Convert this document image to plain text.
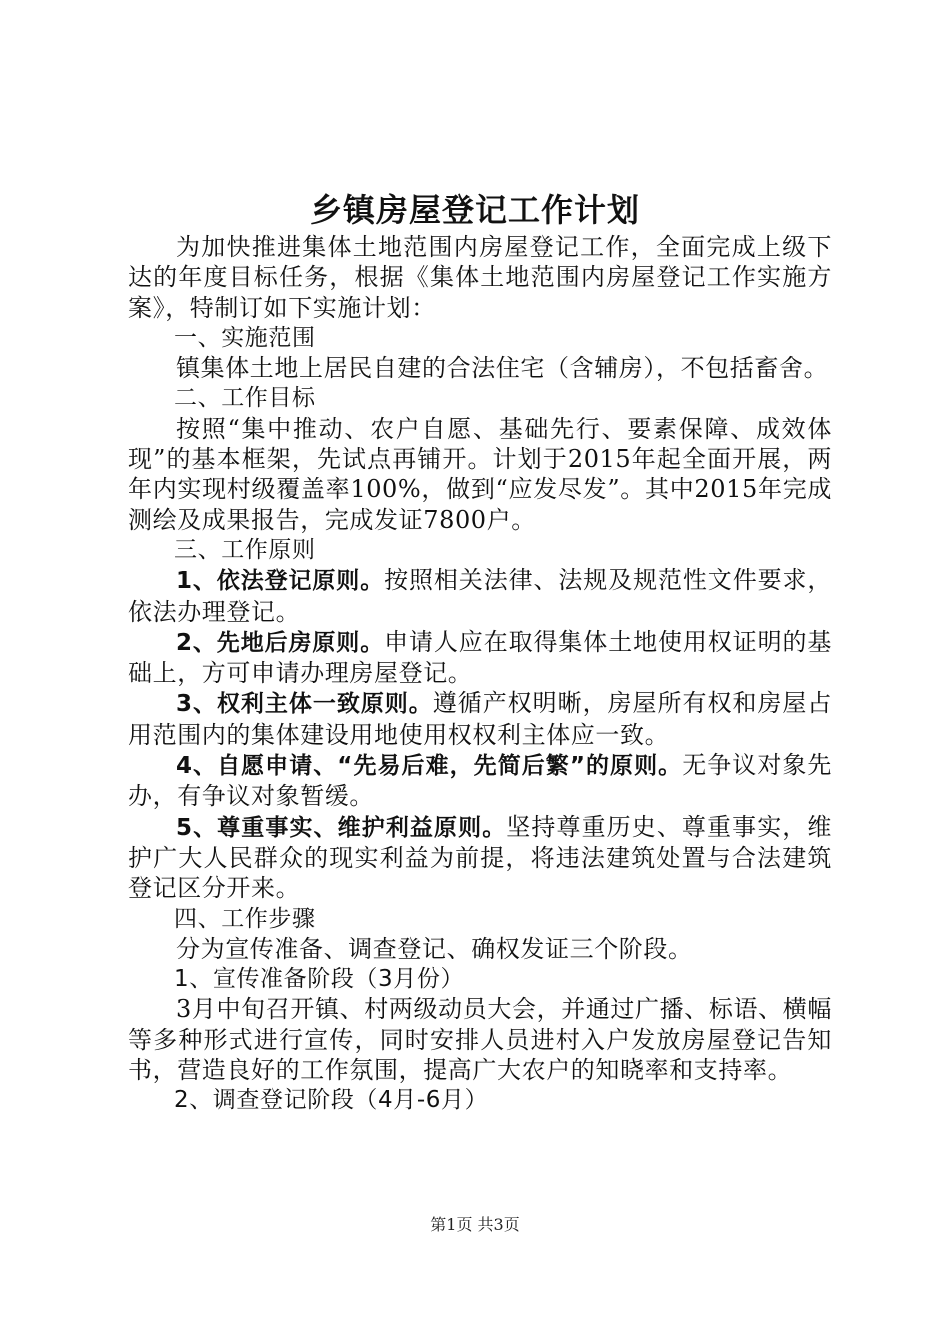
乡镇房屋登记工作计划

为加快推进集体土地范围内房屋登记工作，全面完成上级下达的年度目标任务，根据《集体土地范围内房屋登记工作实施方案》，特制订如下实施计划：

一、实施范围

镇集体土地上居民自建的合法住宅（含辅房），不包括畜舍。

二、工作目标

按照“集中推动、农户自愿、基础先行、要素保障、成效体现”的基本框架，先试点再铺开。计划于2015年起全面开展，两年内实现村级覆盖率100%，做到“应发尽发”。其中2015年完成测绘及成果报告，完成发证7800户。

三、工作原则

1、依法登记原则。按照相关法律、法规及规范性文件要求，依法办理登记。

2、先地后房原则。申请人应在取得集体土地使用权证明的基础上，方可申请办理房屋登记。

3、权利主体一致原则。遵循产权明晰，房屋所有权和房屋占用范围内的集体建设用地使用权权利主体应一致。

4、自愿申请、“先易后难，先简后繁”的原则。无争议对象先办，有争议对象暂缓。

5、尊重事实、维护利益原则。坚持尊重历史、尊重事实，维护广大人民群众的现实利益为前提，将违法建筑处置与合法建筑登记区分开来。

四、工作步骤

分为宣传准备、调查登记、确权发证三个阶段。

1、宣传准备阶段（3月份）

3月中旬召开镇、村两级动员大会，并通过广播、标语、横幅等多种形式进行宣传，同时安排人员进村入户发放房屋登记告知书，营造良好的工作氛围，提高广大农户的知晓率和支持率。

2、调查登记阶段（4月-6月）

第1页 共3页
